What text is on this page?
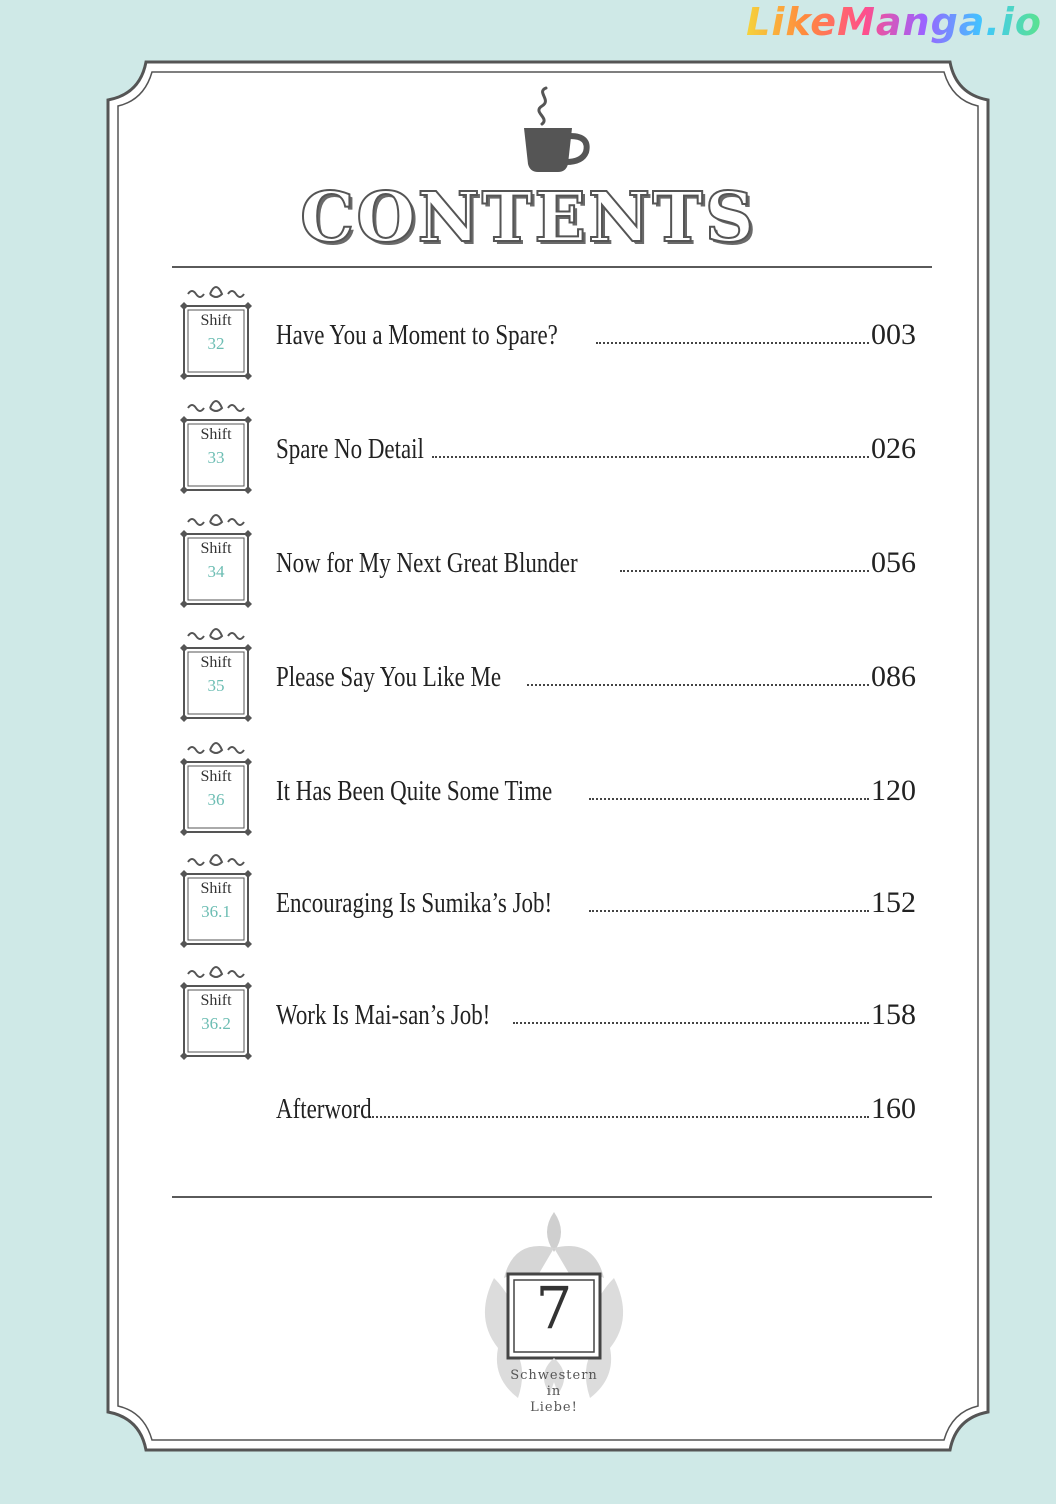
LikeManga.io
CONTENTS
Shift
32	Have You a Moment to Spare?	003
Shift
33	Spare No Detail	026
Shift
34	Now for My Next Great Blunder	056
Shift
35	Please Say You Like Me	086
Shift
36	It Has Been Quite Some Time	120
Shift
36.1	Encouraging Is Sumika’s Job!	152
Shift
36.2	Work Is Mai-san’s Job!	158
Afterword	160
7
Schwestern
in
Liebe!
